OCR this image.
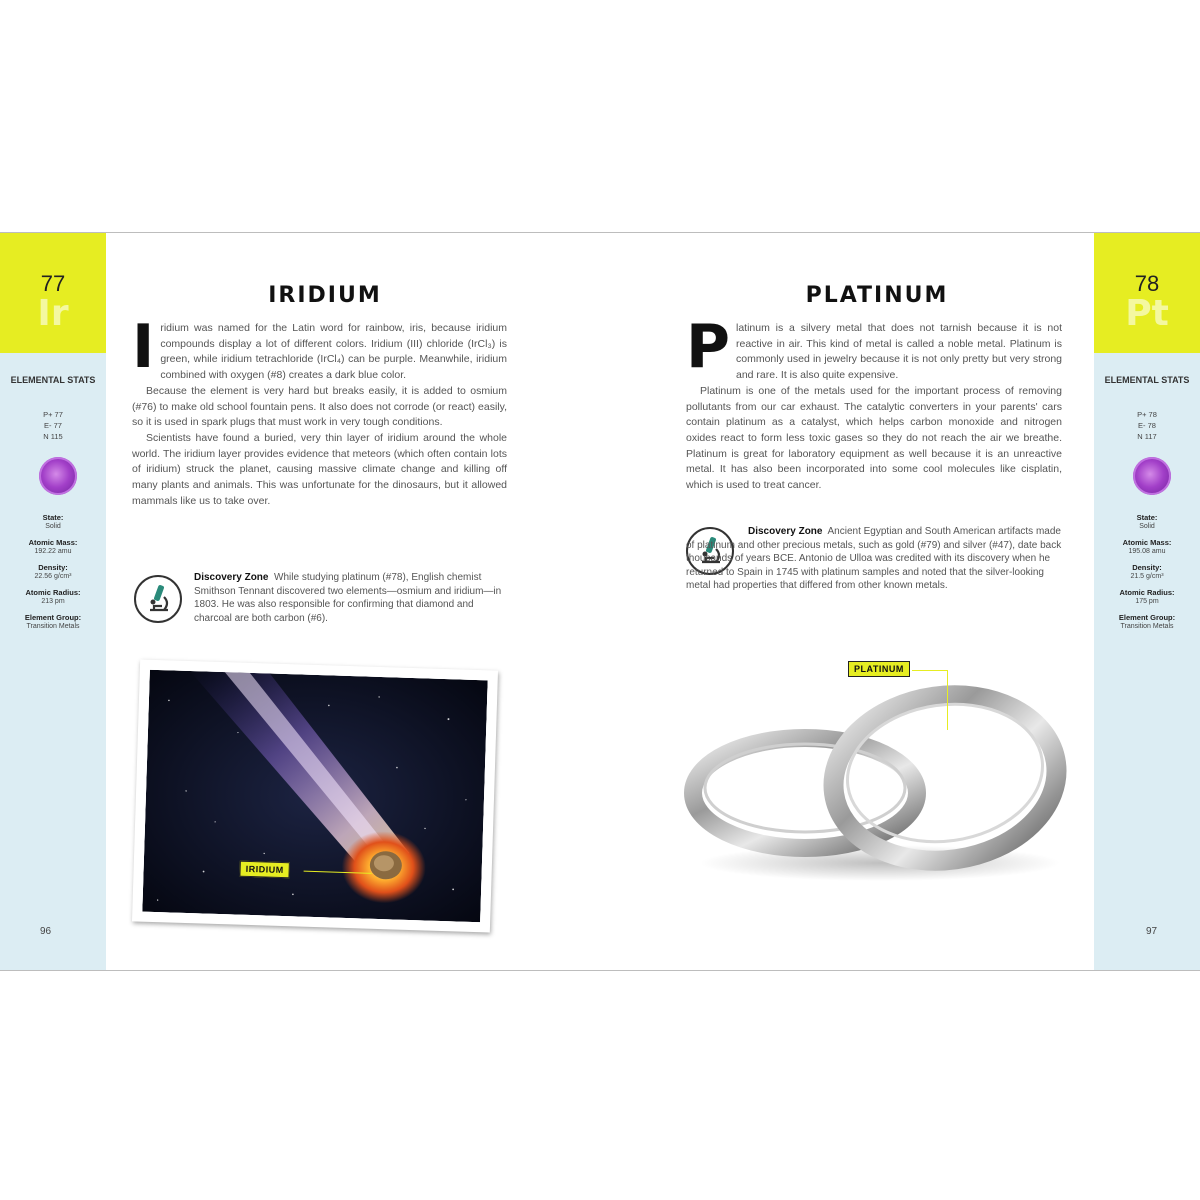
77
Ir
ELEMENTAL STATS
P+ 77
E- 77
N 115
State:
Solid
Atomic Mass:
192.22 amu
Density:
22.56 g/cm³
Atomic Radius:
213 pm
Element Group:
Transition Metals
96
IRIDIUM

Iridium was named for the Latin word for rainbow, iris, because iridium compounds display a lot of different colors. Iridium (III) chloride (IrCl₃) is green, while iridium tetrachloride (IrCl₄) can be purple. Meanwhile, iridium combined with oxygen (#8) creates a dark blue color.

Because the element is very hard but breaks easily, it is added to osmium (#76) to make old school fountain pens. It also does not corrode (or react) easily, so it is used in spark plugs that must work in very tough conditions.

Scientists have found a buried, very thin layer of iridium around the whole world. The iridium layer provides evidence that meteors (which often contain lots of iridium) struck the planet, causing massive climate change and killing off many plants and animals. This was unfortunate for the dinosaurs, but it allowed mammals like us to take over.

Discovery Zone While studying platinum (#78), English chemist Smithson Tennant discovered two elements—osmium and iridium—in 1803. He was also responsible for confirming that diamond and charcoal are both carbon (#6).
IRIDIUM
PLATINUM

Platinum is a silvery metal that does not tarnish because it is not reactive in air. This kind of metal is called a noble metal. Platinum is commonly used in jewelry because it is not only pretty but very strong and rare. It is also quite expensive.

Platinum is one of the metals used for the important process of removing pollutants from our car exhaust. The catalytic converters in your parents' cars contain platinum as a catalyst, which helps carbon monoxide and nitrogen oxides react to form less toxic gases so they do not reach the air we breathe. Platinum is great for laboratory equipment as well because it is an unreactive metal. It has also been incorporated into some cool molecules like cisplatin, which is used to treat cancer.

Discovery Zone Ancient Egyptian and South American artifacts made of platinum and other precious metals, such as gold (#79) and silver (#47), date back thousands of years BCE. Antonio de Ulloa was credited with its discovery when he returned to Spain in 1745 with platinum samples and noted that the silver-looking metal had properties that differed from other known metals.
PLATINUM
78
Pt
ELEMENTAL STATS
P+ 78
E- 78
N 117
State:
Solid
Atomic Mass:
195.08 amu
Density:
21.5 g/cm³
Atomic Radius:
175 pm
Element Group:
Transition Metals
97
